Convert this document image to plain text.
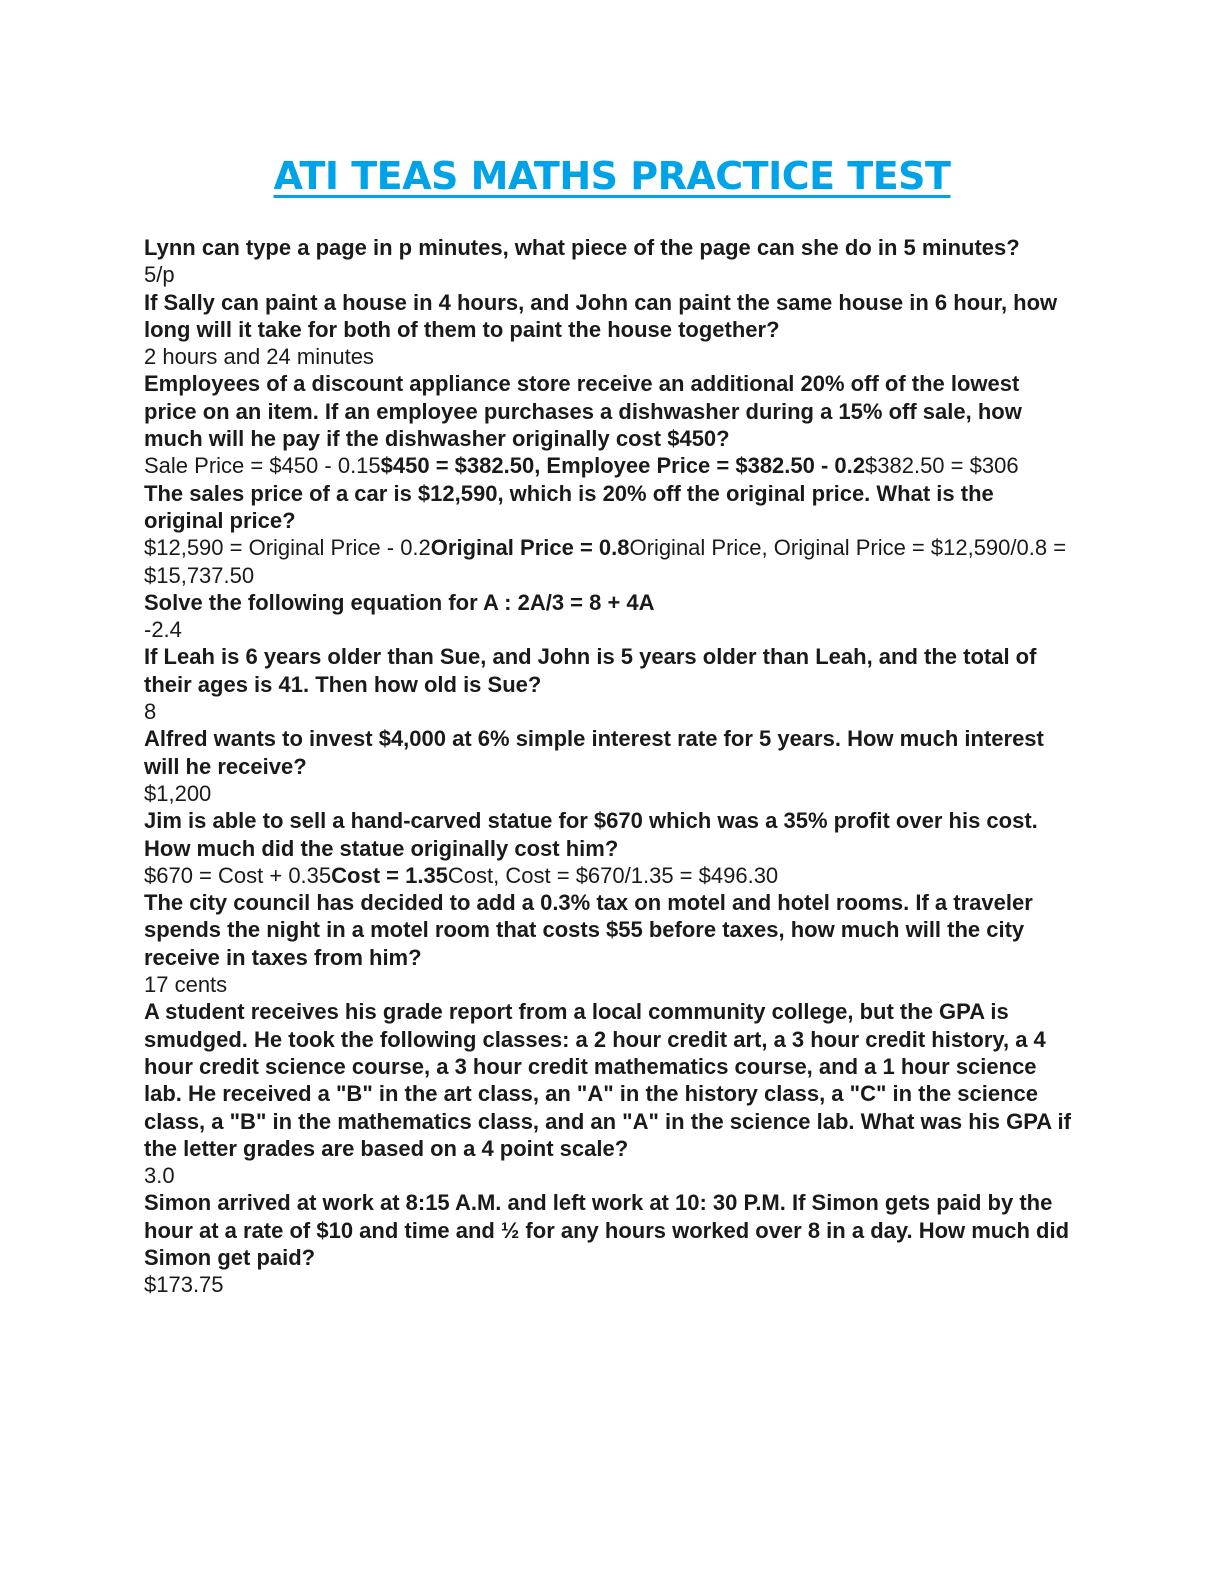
ATI TEAS MATHS PRACTICE TEST

Lynn can type a page in p minutes, what piece of the page can she do in 5 minutes?

5/p

If Sally can paint a house in 4 hours, and John can paint the same house in 6 hour, how long will it take for both of them to paint the house together?

2 hours and 24 minutes

Employees of a discount appliance store receive an additional 20% off of the lowest price on an item. If an employee purchases a dishwasher during a 15% off sale, how much will he pay if the dishwasher originally cost $450?

Sale Price = $450 - 0.15$450 = $382.50, Employee Price = $382.50 - 0.2$382.50 = $306

The sales price of a car is $12,590, which is 20% off the original price. What is the original price?

$12,590 = Original Price - 0.2Original Price = 0.8Original Price, Original Price = $12,590/0.8 = $15,737.50

Solve the following equation for A : 2A/3 = 8 + 4A

-2.4

If Leah is 6 years older than Sue, and John is 5 years older than Leah, and the total of their ages is 41. Then how old is Sue?

8

Alfred wants to invest $4,000 at 6% simple interest rate for 5 years. How much interest will he receive?

$1,200

Jim is able to sell a hand-carved statue for $670 which was a 35% profit over his cost. How much did the statue originally cost him?

$670 = Cost + 0.35Cost = 1.35Cost, Cost = $670/1.35 = $496.30

The city council has decided to add a 0.3% tax on motel and hotel rooms. If a traveler spends the night in a motel room that costs $55 before taxes, how much will the city receive in taxes from him?

17 cents

A student receives his grade report from a local community college, but the GPA is smudged. He took the following classes: a 2 hour credit art, a 3 hour credit history, a 4 hour credit science course, a 3 hour credit mathematics course, and a 1 hour science lab. He received a "B" in the art class, an "A" in the history class, a "C" in the science class, a "B" in the mathematics class, and an "A" in the science lab. What was his GPA if the letter grades are based on a 4 point scale?

3.0

Simon arrived at work at 8:15 A.M. and left work at 10: 30 P.M. If Simon gets paid by the hour at a rate of $10 and time and ½ for any hours worked over 8 in a day. How much did Simon get paid?

$173.75
